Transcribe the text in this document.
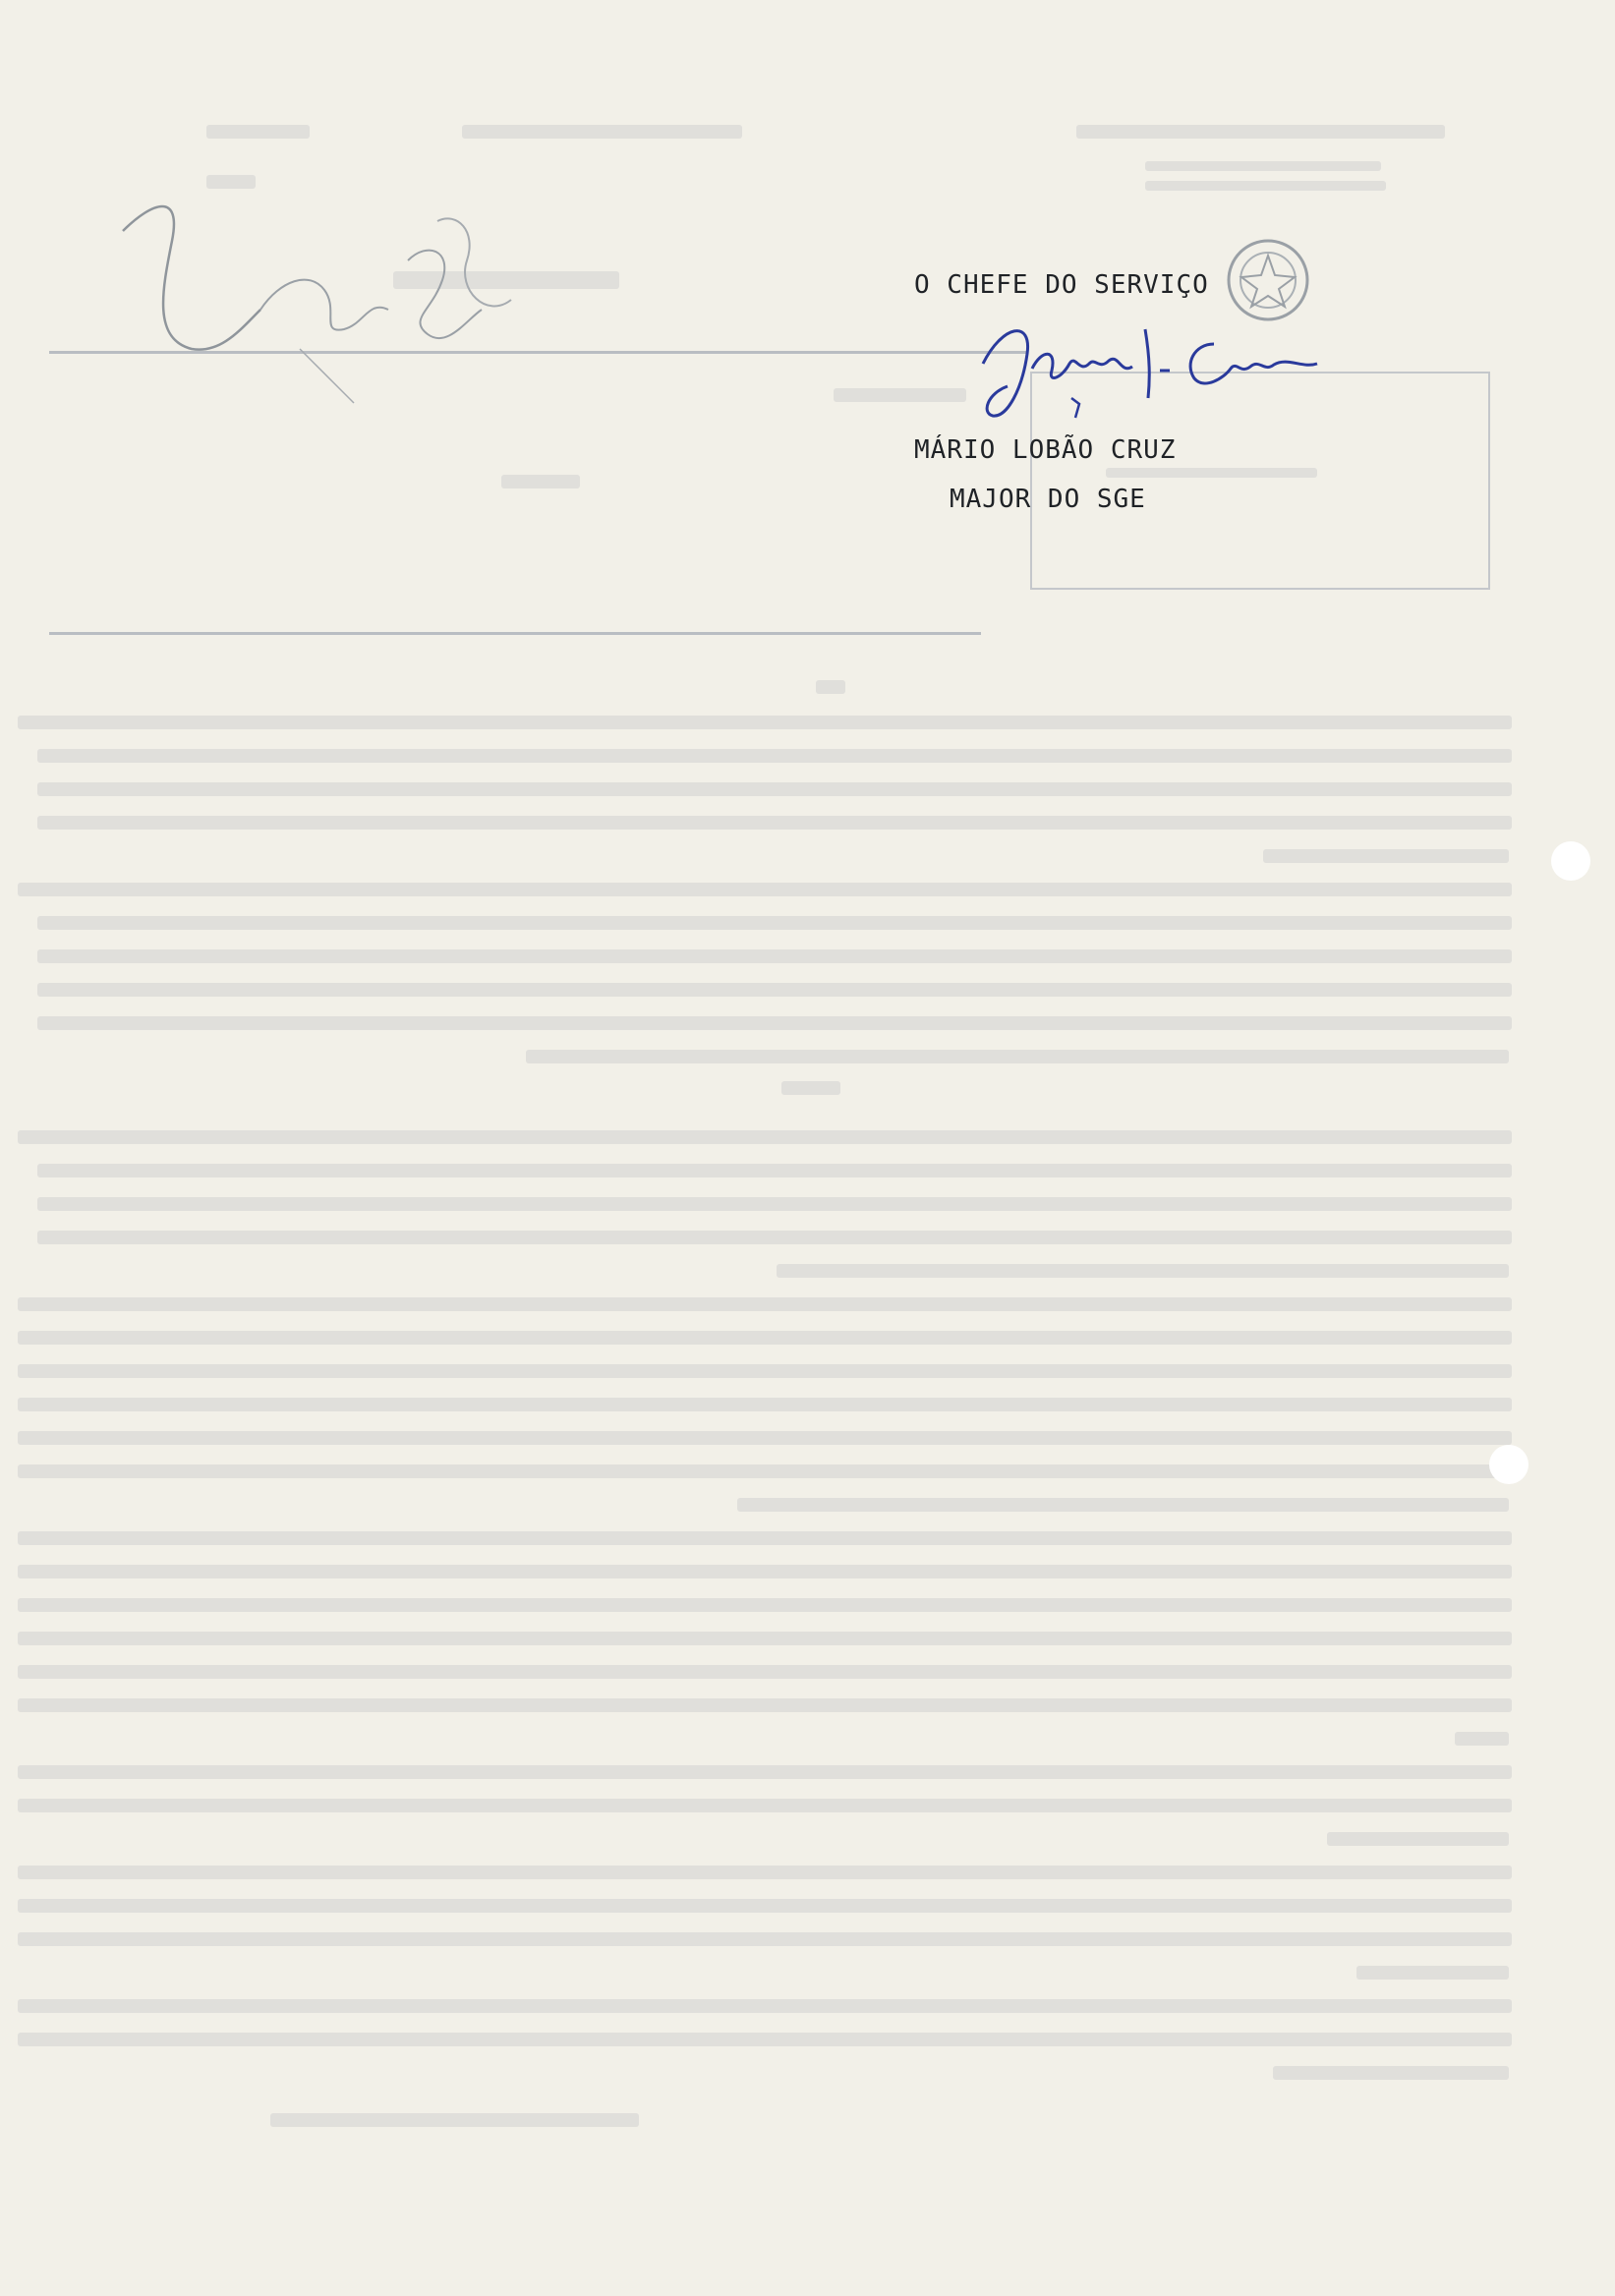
O CHEFE DO SERVIÇO
MÁRIO LOBÃO CRUZ
MAJOR DO SGE
